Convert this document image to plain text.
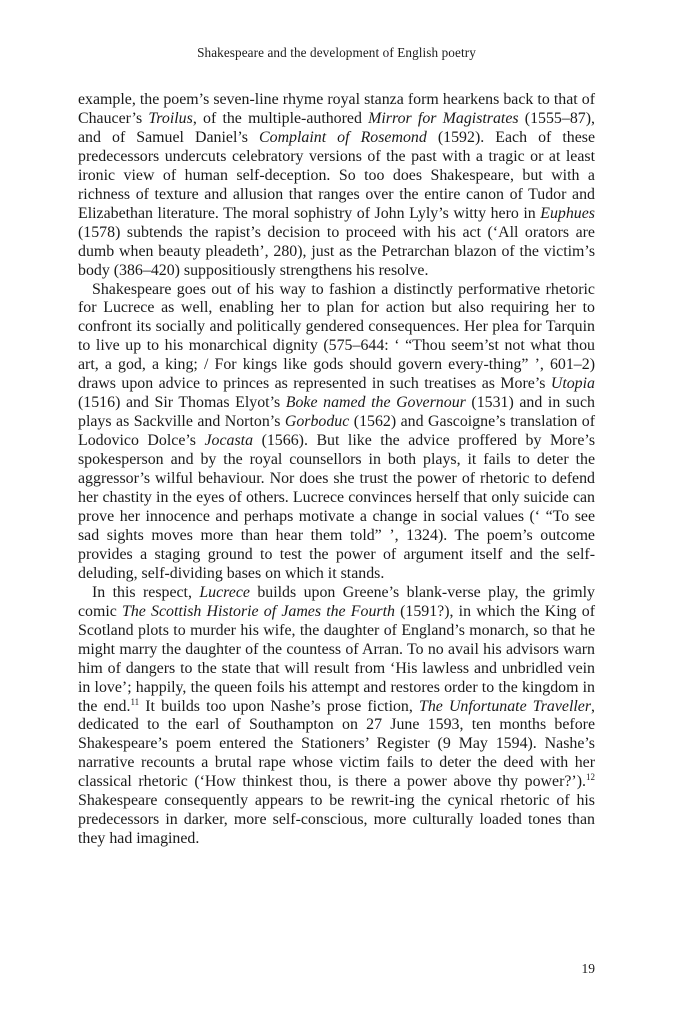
Shakespeare and the development of English poetry

example, the poem’s seven-line rhyme royal stanza form hearkens back to that of Chaucer’s Troilus, of the multiple-authored Mirror for Magistrates (1555–87), and of Samuel Daniel’s Complaint of Rosemond (1592). Each of these predecessors undercuts celebratory versions of the past with a tragic or at least ironic view of human self-deception. So too does Shakespeare, but with a richness of texture and allusion that ranges over the entire canon of Tudor and Elizabethan literature. The moral sophistry of John Lyly’s witty hero in Euphues (1578) subtends the rapist’s decision to proceed with his act (‘All orators are dumb when beauty pleadeth’, 280), just as the Petrarchan blazon of the victim’s body (386–420) suppositiously strengthens his resolve.

Shakespeare goes out of his way to fashion a distinctly performative rhetoric for Lucrece as well, enabling her to plan for action but also requiring her to confront its socially and politically gendered consequences. Her plea for Tarquin to live up to his monarchical dignity (575–644: ‘ “Thou seem’st not what thou art, a god, a king; / For kings like gods should govern every-thing” ’, 601–2) draws upon advice to princes as represented in such treatises as More’s Utopia (1516) and Sir Thomas Elyot’s Boke named the Governour (1531) and in such plays as Sackville and Norton’s Gorboduc (1562) and Gascoigne’s translation of Lodovico Dolce’s Jocasta (1566). But like the advice proffered by More’s spokesperson and by the royal counsellors in both plays, it fails to deter the aggressor’s wilful behaviour. Nor does she trust the power of rhetoric to defend her chastity in the eyes of others. Lucrece convinces herself that only suicide can prove her innocence and perhaps motivate a change in social values (‘ “To see sad sights moves more than hear them told” ’, 1324). The poem’s outcome provides a staging ground to test the power of argument itself and the self-deluding, self-dividing bases on which it stands.

In this respect, Lucrece builds upon Greene’s blank-verse play, the grimly comic The Scottish Historie of James the Fourth (1591?), in which the King of Scotland plots to murder his wife, the daughter of England’s monarch, so that he might marry the daughter of the countess of Arran. To no avail his advisors warn him of dangers to the state that will result from ‘His lawless and unbridled vein in love’; happily, the queen foils his attempt and restores order to the kingdom in the end.$^{11}$ It builds too upon Nashe’s prose fiction, The Unfortunate Traveller, dedicated to the earl of Southampton on 27 June 1593, ten months before Shakespeare’s poem entered the Stationers’ Register (9 May 1594). Nashe’s narrative recounts a brutal rape whose victim fails to deter the deed with her classical rhetoric (‘How thinkest thou, is there a power above thy power?’).$^{12}$ Shakespeare consequently appears to be rewrit-ing the cynical rhetoric of his predecessors in darker, more self-conscious, more culturally loaded tones than they had imagined.

19
